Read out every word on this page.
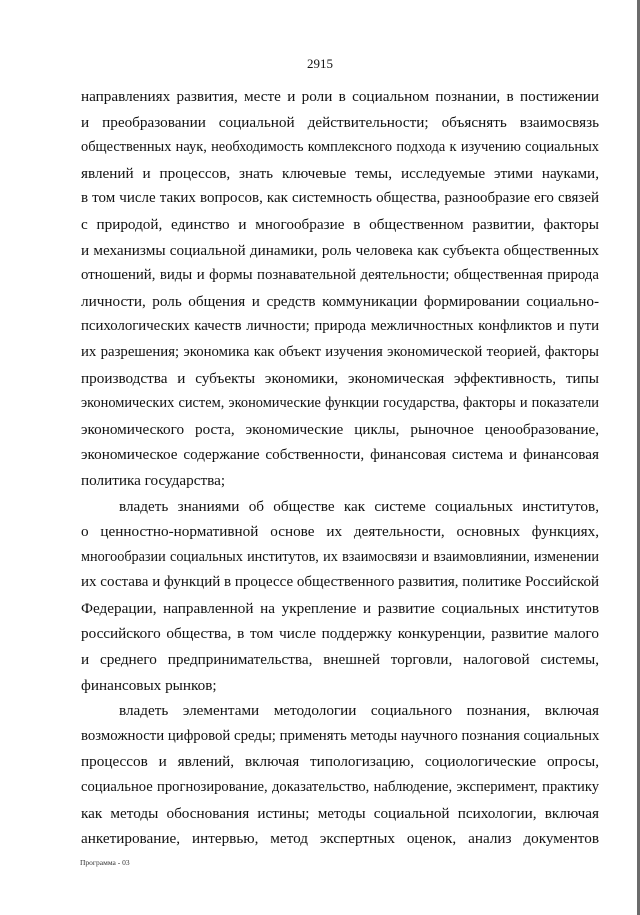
2915
направлениях развития, месте и роли в социальном познании, в постижении
и преобразовании социальной действительности; объяснять взаимосвязь
общественных наук, необходимость комплексного подхода к изучению социальных
явлений и процессов, знать ключевые темы, исследуемые этими науками,
в том числе таких вопросов, как системность общества, разнообразие его связей
с природой, единство и многообразие в общественном развитии, факторы
и механизмы социальной динамики, роль человека как субъекта общественных
отношений, виды и формы познавательной деятельности; общественная природа
личности, роль общения и средств коммуникации формировании социально-
психологических качеств личности; природа межличностных конфликтов и пути
их разрешения; экономика как объект изучения экономической теорией, факторы
производства и субъекты экономики, экономическая эффективность, типы
экономических систем, экономические функции государства, факторы и показатели
экономического роста, экономические циклы, рыночное ценообразование,
экономическое содержание собственности, финансовая система и финансовая
политика государства;
владеть знаниями об обществе как системе социальных институтов,
о ценностно-нормативной основе их деятельности, основных функциях,
многообразии социальных институтов, их взаимосвязи и взаимовлиянии, изменении
их состава и функций в процессе общественного развития, политике Российской
Федерации, направленной на укрепление и развитие социальных институтов
российского общества, в том числе поддержку конкуренции, развитие малого
и среднего предпринимательства, внешней торговли, налоговой системы,
финансовых рынков;
владеть элементами методологии социального познания, включая
возможности цифровой среды; применять методы научного познания социальных
процессов и явлений, включая типологизацию, социологические опросы,
социальное прогнозирование, доказательство, наблюдение, эксперимент, практику
как методы обоснования истины; методы социальной психологии, включая
анкетирование, интервью, метод экспертных оценок, анализ документов
Программа - 03
